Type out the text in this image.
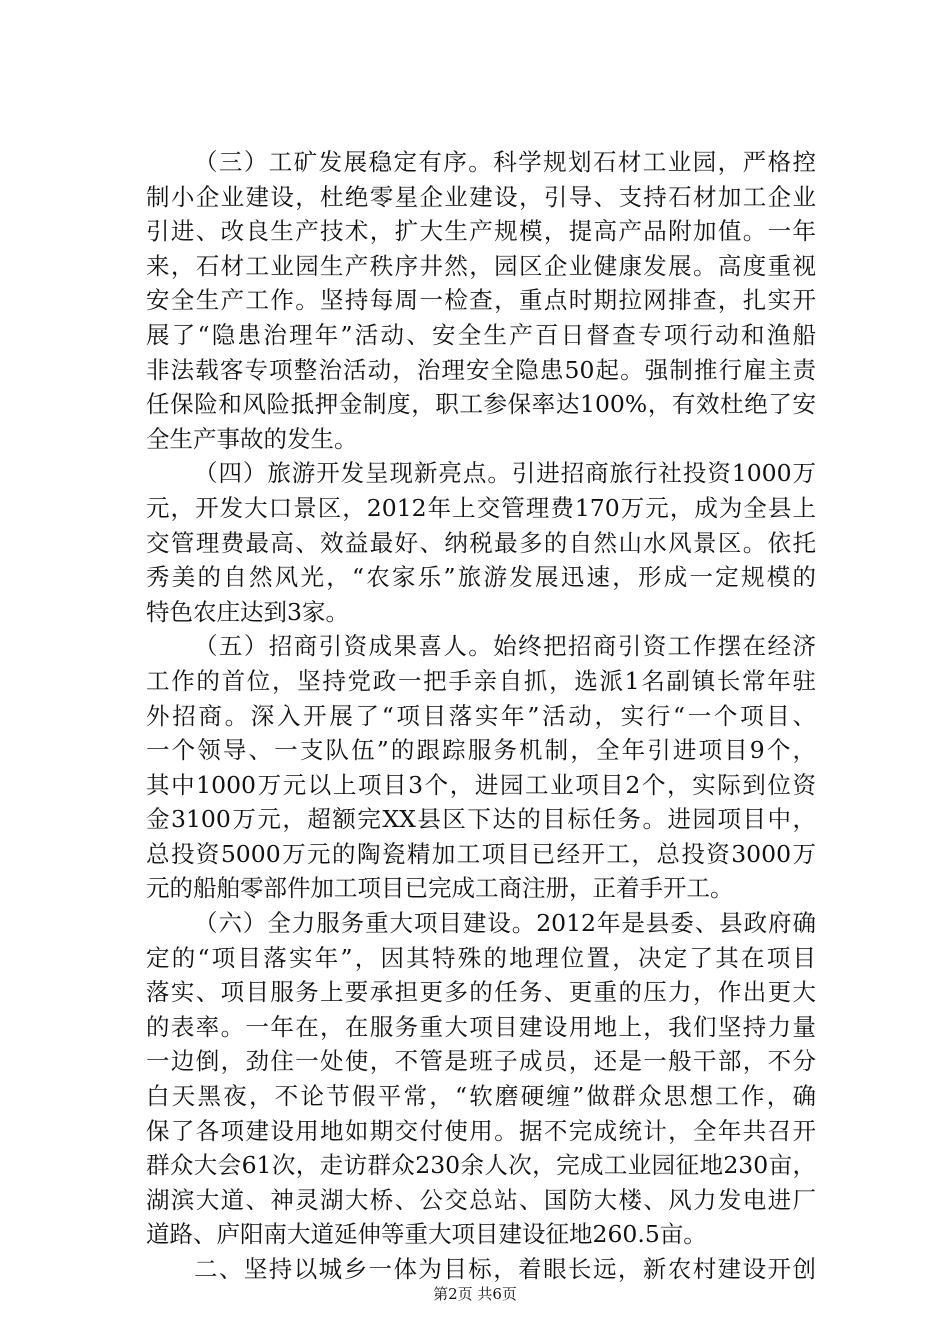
（三）工矿发展稳定有序。科学规划石材工业园，严格控
制小企业建设，杜绝零星企业建设，引导、支持石材加工企业
引进、改良生产技术，扩大生产规模，提高产品附加值。一年
来，石材工业园生产秩序井然，园区企业健康发展。高度重视
安全生产工作。坚持每周一检查，重点时期拉网排查，扎实开
展了“隐患治理年”活动、安全生产百日督查专项行动和渔船
非法载客专项整治活动，治理安全隐患50起。强制推行雇主责
任保险和风险抵押金制度，职工参保率达100%，有效杜绝了安
全生产事故的发生。
（四）旅游开发呈现新亮点。引进招商旅行社投资1000万
元，开发大口景区，2012年上交管理费170万元，成为全县上
交管理费最高、效益最好、纳税最多的自然山水风景区。依托
秀美的自然风光，“农家乐”旅游发展迅速，形成一定规模的
特色农庄达到3家。
（五）招商引资成果喜人。始终把招商引资工作摆在经济
工作的首位，坚持党政一把手亲自抓，选派1名副镇长常年驻
外招商。深入开展了“项目落实年”活动，实行“一个项目、
一个领导、一支队伍”的跟踪服务机制，全年引进项目9个，
其中1000万元以上项目3个，进园工业项目2个，实际到位资
金3100万元，超额完XX县区下达的目标任务。进园项目中，
总投资5000万元的陶瓷精加工项目已经开工，总投资3000万
元的船舶零部件加工项目已完成工商注册，正着手开工。
（六）全力服务重大项目建设。2012年是县委、县政府确
定的“项目落实年”，因其特殊的地理位置，决定了其在项目
落实、项目服务上要承担更多的任务、更重的压力，作出更大
的表率。一年在，在服务重大项目建设用地上，我们坚持力量
一边倒，劲住一处使，不管是班子成员，还是一般干部，不分
白天黑夜，不论节假平常，“软磨硬缠”做群众思想工作，确
保了各项建设用地如期交付使用。据不完成统计，全年共召开
群众大会61次，走访群众230余人次，完成工业园征地230亩，
湖滨大道、神灵湖大桥、公交总站、国防大楼、风力发电进厂
道路、庐阳南大道延伸等重大项目建设征地260.5亩。
二、坚持以城乡一体为目标，着眼长远，新农村建设开创
第2页 共6页
